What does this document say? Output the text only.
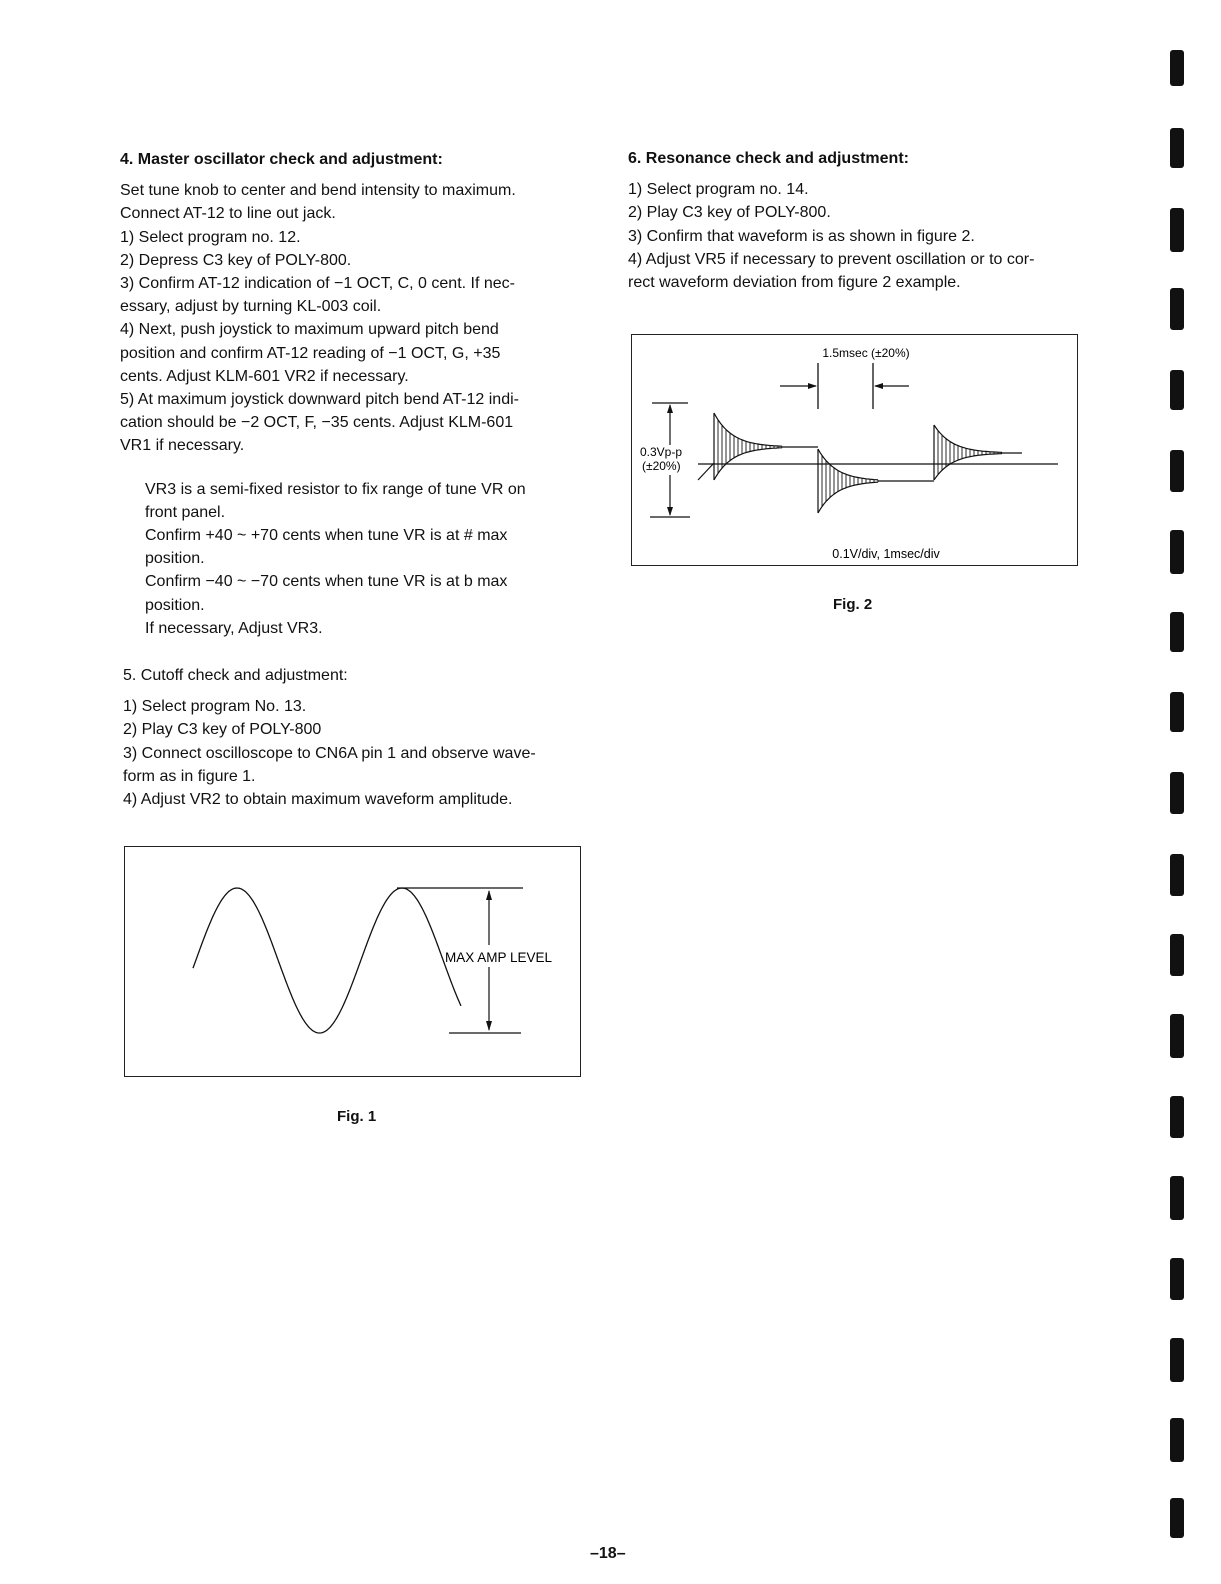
4. Master oscillator check and adjustment:

Set tune knob to center and bend intensity to maximum.

Connect AT-12 to line out jack.

1) Select program no. 12.

2) Depress C3 key of POLY-800.

3) Confirm AT-12 indication of −1 OCT, C, 0 cent. If nec-

essary, adjust by turning KL-003 coil.

4) Next, push joystick to maximum upward pitch bend

position and confirm AT-12 reading of −1 OCT, G, +35

cents. Adjust KLM-601 VR2 if necessary.

5) At maximum joystick downward pitch bend AT-12 indi-

cation should be −2 OCT, F, −35 cents. Adjust KLM-601

VR1 if necessary.

VR3 is a semi-fixed resistor to fix range of tune VR on

front panel.

Confirm +40 ~ +70 cents when tune VR is at # max

position.

Confirm −40 ~ −70 cents when tune VR is at b max

position.

If necessary, Adjust VR3.

5. Cutoff check and adjustment:

1) Select program No. 13.

2) Play C3 key of POLY-800

3) Connect oscilloscope to CN6A pin 1 and observe wave-

form as in figure 1.

4) Adjust VR2 to obtain maximum waveform amplitude.

6. Resonance check and adjustment:

1) Select program no. 14.

2) Play C3 key of POLY-800.

3) Confirm that waveform is as shown in figure 2.

4) Adjust VR5 if necessary to prevent oscillation or to cor-

rect waveform deviation from figure 2 example.

1.5msec (±20%)
0.3Vp-p
(±20%)
0.1V/div, 1msec/div
Fig. 2
MAX AMP LEVEL
Fig. 1
–18–
